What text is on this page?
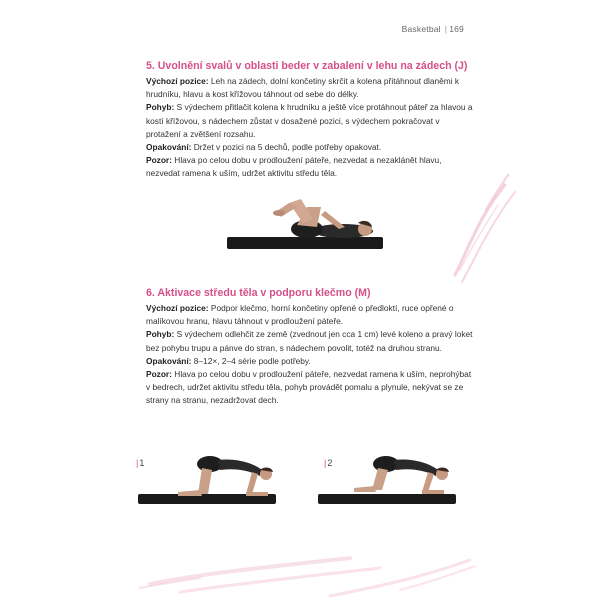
Basketbal | 169
5. Uvolnění svalů v oblasti beder v zabalení v lehu na zádech (J)

Výchozí pozice: Leh na zádech, dolní končetiny skrčit a kolena přitáhnout dlaněmi k hrudníku, hlavu a kost křížovou táhnout od sebe do délky.

Pohyb: S výdechem přitlačit kolena k hrudníku a ještě více protáhnout páteř za hlavou a kostí křížovou, s nádechem zůstat v dosažené pozici, s výdechem pokračovat v protažení a zvětšení rozsahu.

Opakování: Držet v pozici na 5 dechů, podle potřeby opakovat.

Pozor: Hlava po celou dobu v prodloužení páteře, nezvedat a nezaklánět hlavu, nezvedat ramena k uším, udržet aktivitu středu těla.

6. Aktivace středu těla v podporu klečmo (M)

Výchozí pozice: Podpor klečmo, horní končetiny opřené o předloktí, ruce opřené o malíkovou hranu, hlavu táhnout v prodloužení páteře.

Pohyb: S výdechem odlehčit ze země (zvednout jen cca 1 cm) levé koleno a pravý loket bez pohybu trupu a pánve do stran, s nádechem povolit, totéž na druhou stranu.

Opakování: 8–12×, 2–4 série podle potřeby.

Pozor: Hlava po celou dobu v prodloužení páteře, nezvedat ramena k uším, neprohýbat v bedrech, udržet aktivitu středu těla, pohyb provádět pomalu a plynule, nekývat se ze strany na stranu, nezadržovat dech.

|1	|2
